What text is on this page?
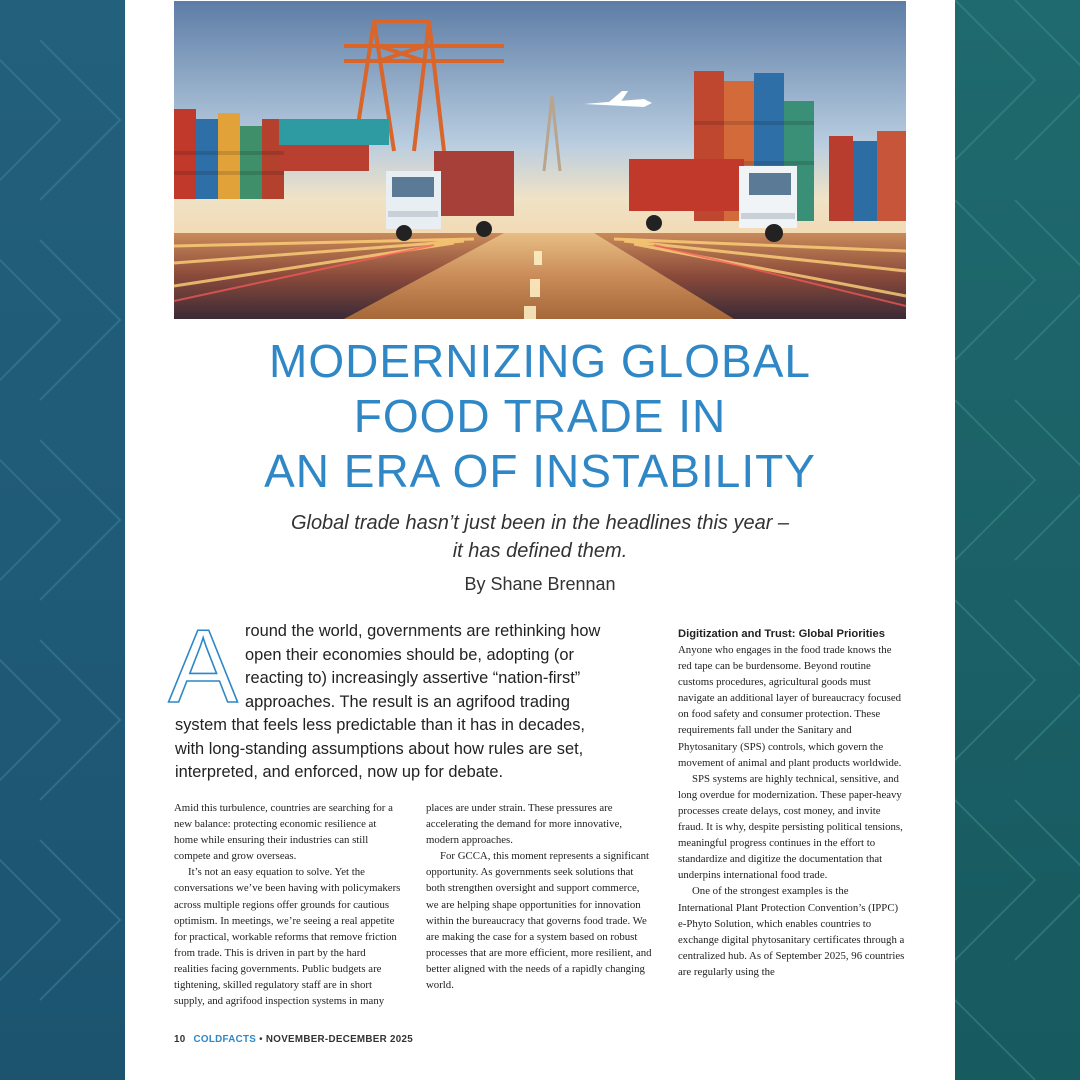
MODERNIZING GLOBAL
FOOD TRADE IN
AN ERA OF INSTABILITY
Global trade hasn’t just been in the headlines this year –
it has defined them.
By Shane Brennan
A round the world, governments are rethinking how open their economies should be, adopting (or reacting to) increasingly assertive “nation-first” approaches. The result is an agrifood trading system that feels less predictable than it has in decades, with long-standing assumptions about how rules are set, interpreted, and enforced, now up for debate.

Amid this turbulence, countries are searching for a new balance: protecting economic resilience at home while ensuring their industries can still compete and grow overseas.

It’s not an easy equation to solve. Yet the conversations we’ve been having with policymakers across multiple regions offer grounds for cautious optimism. In meetings, we’re seeing a real appetite for practical, workable reforms that remove friction from trade. This is driven in part by the hard realities facing governments. Public budgets are tightening, skilled regulatory staff are in short supply, and agrifood inspection systems in many

places are under strain. These pressures are accelerating the demand for more innovative, modern approaches.

For GCCA, this moment represents a significant opportunity. As governments seek solutions that both strengthen oversight and support commerce, we are helping shape opportunities for innovation within the bureaucracy that governs food trade. We are making the case for a system based on robust processes that are more efficient, more resilient, and better aligned with the needs of a rapidly changing world.

Digitization and Trust: Global Priorities

Anyone who engages in the food trade knows the red tape can be burdensome. Beyond routine customs procedures, agricultural goods must navigate an additional layer of bureaucracy focused on food safety and consumer protection. These requirements fall under the Sanitary and Phytosanitary (SPS) controls, which govern the movement of animal and plant products worldwide.

SPS systems are highly technical, sensitive, and long overdue for modernization. These paper-heavy processes create delays, cost money, and invite fraud. It is why, despite persisting political tensions, meaningful progress continues in the effort to standardize and digitize the documentation that underpins international food trade.

One of the strongest examples is the International Plant Protection Convention’s (IPPC) e-Phyto Solution, which enables countries to exchange digital phytosanitary certificates through a centralized hub. As of September 2025, 96 countries are regularly using the

10 COLDFACTS • NOVEMBER-DECEMBER 2025
